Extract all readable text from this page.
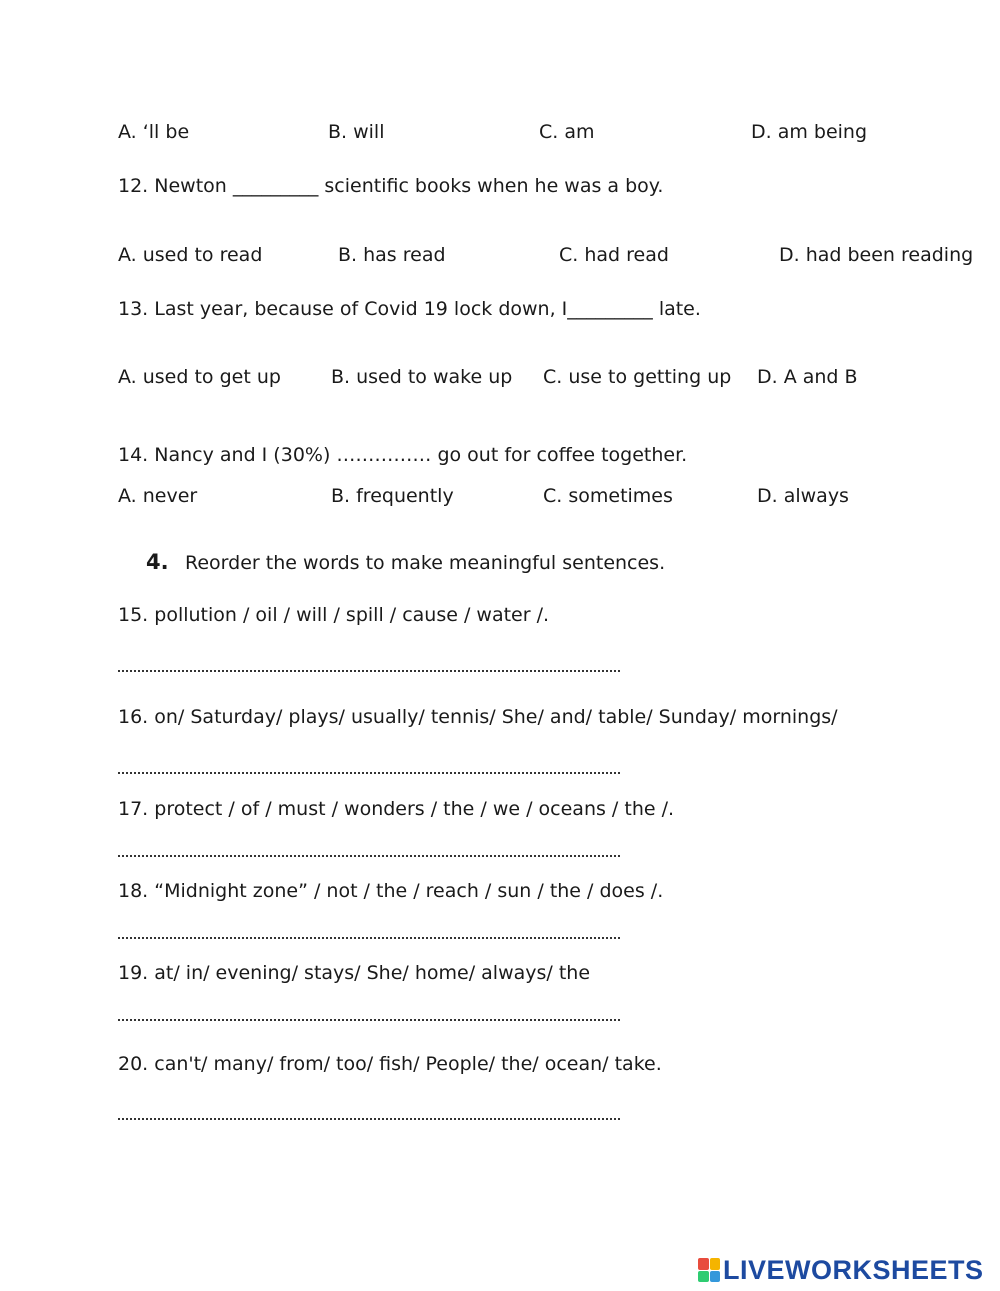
A. ‘ll be	B. will	C. am	D. am being
12. Newton _________ scientific books when he was a boy.
A. used to read	B. has read	C. had read	D. had been reading
13. Last year, because of Covid 19 lock down, I_________ late.
A. used to get up	B. used to wake up C. use to getting up D. A and B
14. Nancy and I (30%) …………… go out for coffee together.
A. never	B. frequently	C. sometimes	D. always
4. Reorder the words to make meaningful sentences.
15. pollution / oil / will / spill / cause / water /.
16. on/ Saturday/ plays/ usually/ tennis/ She/ and/ table/ Sunday/ mornings/
17. protect / of / must / wonders / the / we / oceans / the /.
18. “Midnight zone” / not / the / reach / sun / the / does /.
19. at/ in/ evening/ stays/ She/ home/ always/ the
20. can't/ many/ from/ too/ fish/ People/ the/ ocean/ take.
LIVEWORKSHEETS
